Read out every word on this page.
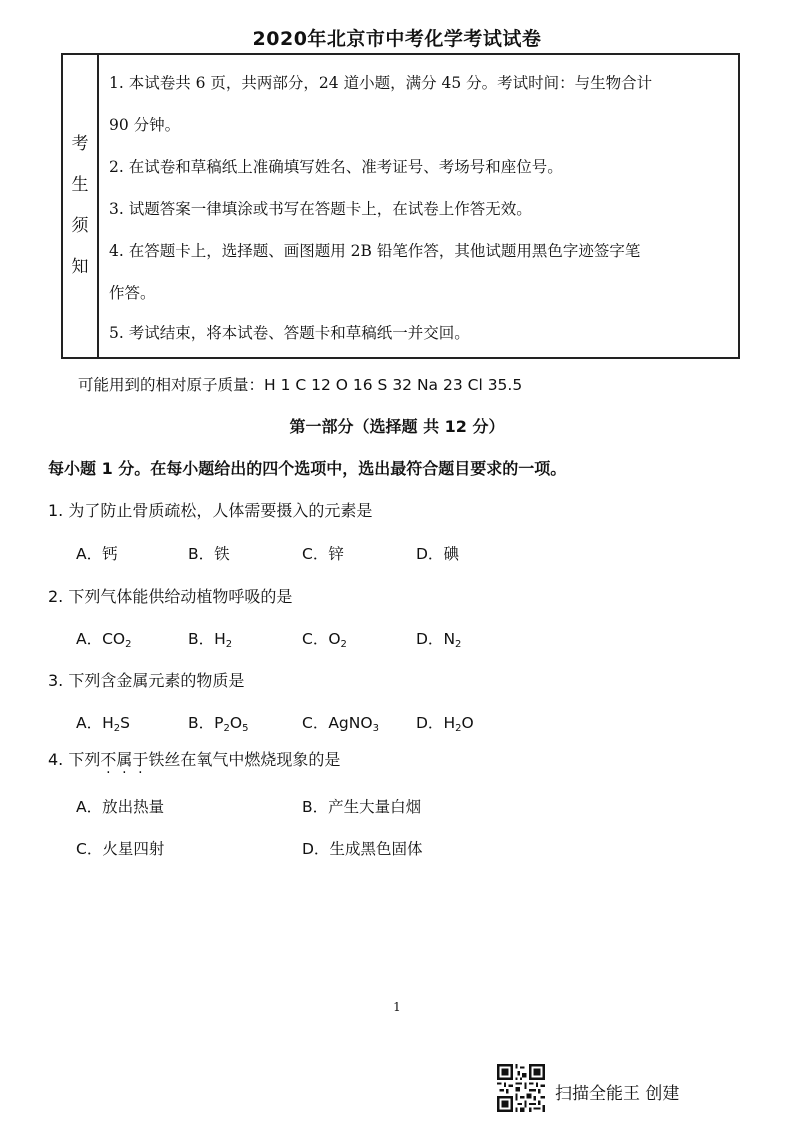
2020年北京市中考化学考试试卷
考
生
须
知
1. 本试卷共 6 页，共两部分，24 道小题，满分 45 分。考试时间：与生物合计
90 分钟。
2. 在试卷和草稿纸上准确填写姓名、准考证号、考场号和座位号。
3. 试题答案一律填涂或书写在答题卡上，在试卷上作答无效。
4. 在答题卡上，选择题、画图题用 2B 铅笔作答，其他试题用黑色字迹签字笔
作答。
5. 考试结束，将本试卷、答题卡和草稿纸一并交回。
可能用到的相对原子质量：H 1 C 12 O 16 S 32 Na 23 Cl 35.5
第一部分（选择题 共 12 分）
每小题 1 分。在每小题给出的四个选项中，选出最符合题目要求的一项。
1. 为了防止骨质疏松，人体需要摄入的元素是
A．钙	B．铁	C．锌	D．碘
2. 下列气体能供给动植物呼吸的是
A．$CO_2$	B．$H_2$	C．$O_2$	D．$N_2$
3. 下列含金属元素的物质是
A．$H_2S$	B．$P_2O_5$	C．AgNO$_3$ D．$H_2O$
4. 下列不属于铁丝在氧气中燃烧现象的是
A．放出热量	B．产生大量白烟
C．火星四射	D．生成黑色固体
1
扫描全能王 创建
